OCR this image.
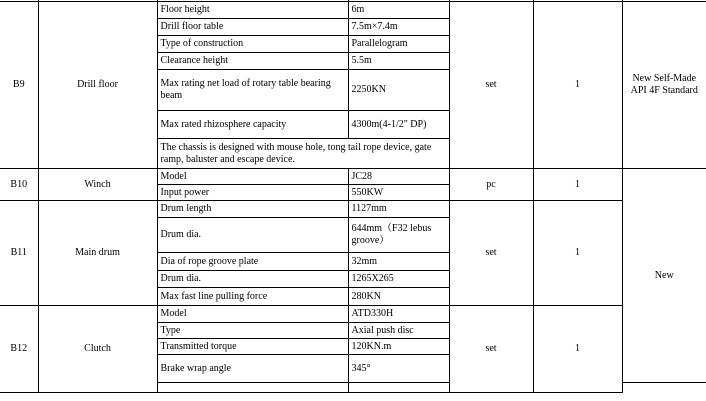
B9	Drill floor	Floor height	6m	set	1	New Self-Made API 4F Standard
		Drill floor table	7.5m×7.4m			
		Type of construction	Parallelogram			
		Clearance height	5.5m			
		Max rating net load of rotary table bearing beam	2250KN			
		Max rated rhizosphere capacity	4300m(4-1/2" DP)			
		The chassis is designed with mouse hole, tong tail rope device, gate ramp, baluster and escape device.				
B10	Winch	Model	JC28	pc	1	New
		Input power	550KW			
B11	Main drum	Drum length	1127mm	set	1	
		Drum dia.	644mm（F32 lebus groove）			
		Dia of rope groove plate	32mm			
		Drum dia.	1265X265			
		Max fast line pulling force	280KN			
B12	Clutch	Model	ATD330H	set	1	
		Type	Axial push disc			
		Transmitted torque	120KN.m			
		Brake wrap angle	345°			
